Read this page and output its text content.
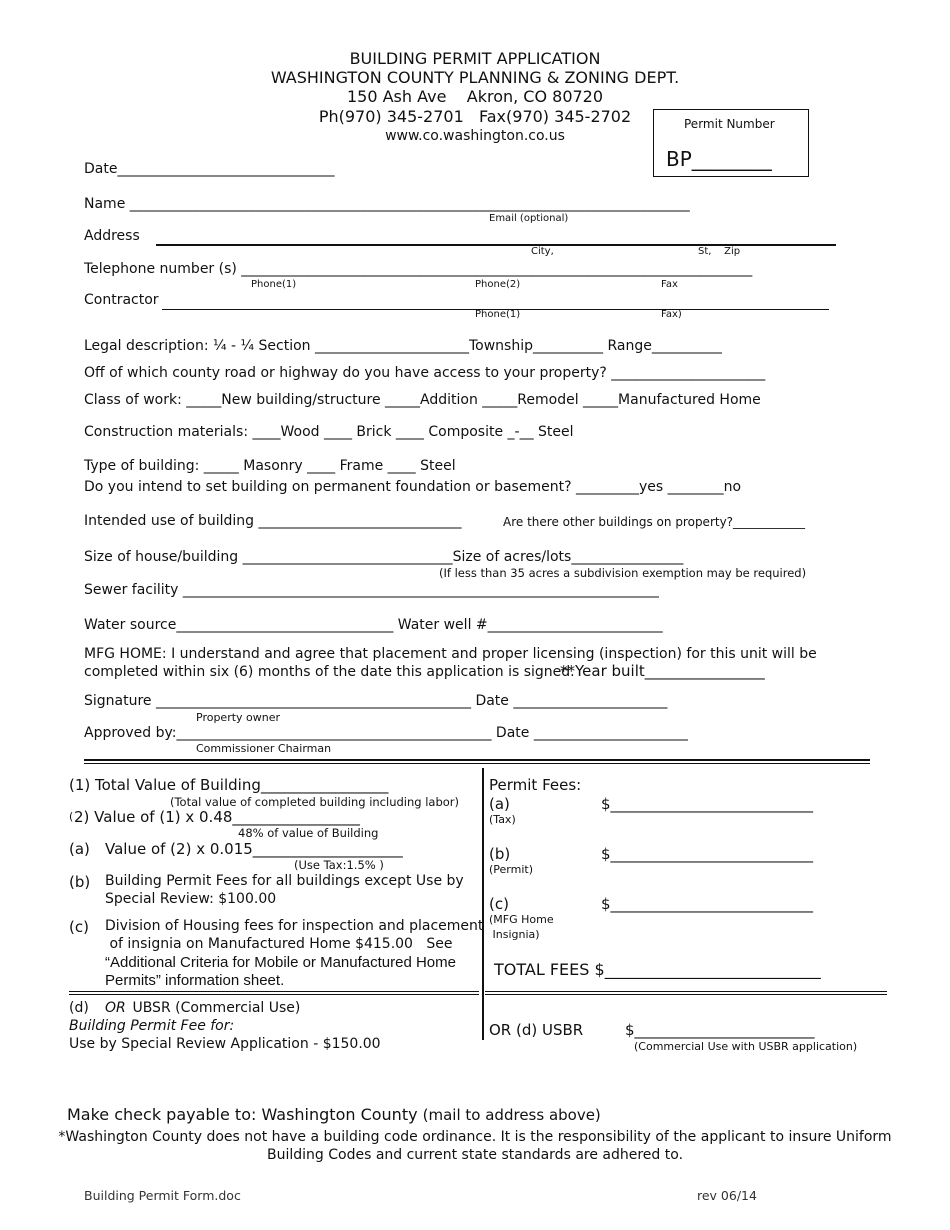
BUILDING PERMIT APPLICATION
WASHINGTON COUNTY PLANNING & ZONING DEPT.
150 Ash Ave    Akron, CO 80720
Ph(970) 345-2701   Fax(970) 345-2702
www.co.washington.co.us
Permit Number
BP________
Date_______________________________
Name ________________________________________________________________________________
Email (optional)
Address
City,	St,    Zip
Telephone number (s) _________________________________________________________________________
Phone(1)	Phone(2)	Fax
Contractor
Phone(1)	Fax)
Legal description: ¼ - ¼ Section ______________________Township__________ Range__________
Off of which county road or highway do you have access to your property? ______________________
Class of work: _____New building/structure _____Addition _____Remodel _____Manufactured Home
Construction materials: ____Wood ____ Brick ____ Composite _-__ Steel
Type of building: _____ Masonry ____ Frame ____ Steel
Do you intend to set building on permanent foundation or basement? _________yes ________no
Intended use of building _____________________________	Are there other buildings on property?____________
Size of house/building ______________________________Size of acres/lots________________
(If less than 35 acres a subdivision exemption may be required)
Sewer facility ____________________________________________________________________
Water source_______________________________ Water well #_________________________
MFG HOME: I understand and agree that placement and proper licensing (inspection) for this unit will be
completed within six (6) months of the date this application is signed.
**Year built________________
Signature _____________________________________________ Date ______________________
Property owner
Approved by:_____________________________________________ Date ______________________
Commissioner Chairman
(1) Total Value of Building_________________
(Total value of completed building including labor)
( 2) Value of (1) x 0.48_________________
48% of value of Building
(a) Value of (2) x 0.015____________________
(Use Tax:1.5% )
(b) Building Permit Fees for all buildings except Use by
Special Review: $100.00
(c) Division of Housing fees for inspection and placement
of insignia on Manufactured Home $415.00   See
“Additional Criteria for Mobile or Manufactured Home
Permits” information sheet.
(d) OR UBSR (Commercial Use)
Building Permit Fee for:
Use by Special Review Application - $150.00
Permit Fees:
(a)
(Tax)
$___________________________
(b)
(Permit)
$___________________________
(c)
(MFG Home
Insignia)
$___________________________
TOTAL FEES $___________________________
OR (d) USBR	$________________________
(Commercial Use with USBR application)
Make check payable to: Washington County (mail to address above)
*Washington County does not have a building code ordinance. It is the responsibility of the applicant to insure Uniform
Building Codes and current state standards are adhered to.
Building Permit Form.doc	rev 06/14
